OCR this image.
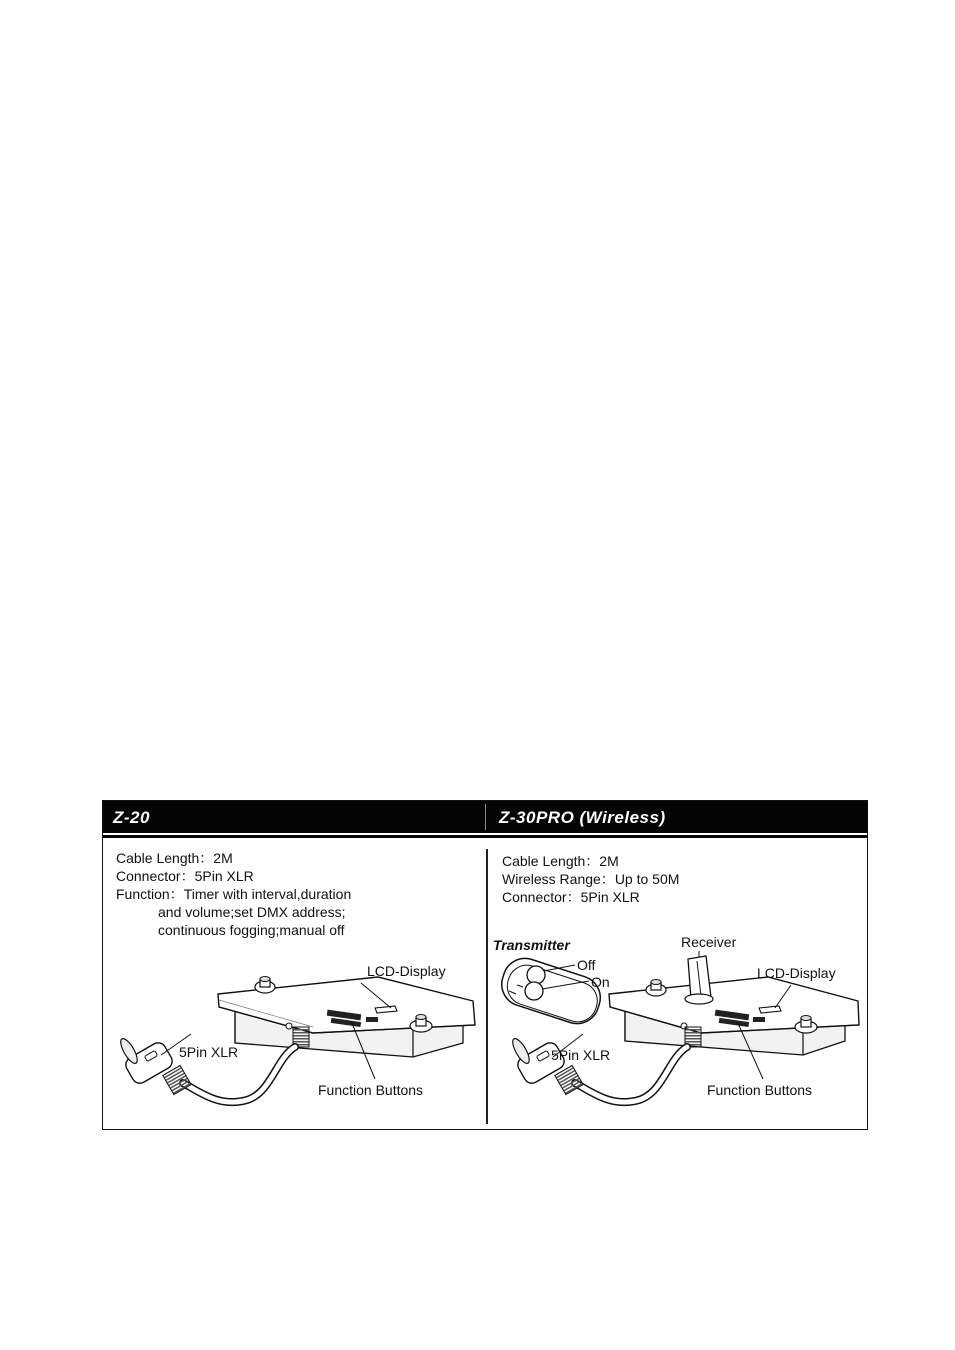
Z-20	Z-30PRO (Wireless)
Cable Length：2M
Connector：5Pin XLR
Function：Timer with interval,duration
and volume;set DMX address;
continuous fogging;manual off
Cable Length：2M
Wireless Range：Up to 50M
Connector：5Pin XLR
Transmitter
LCD-Display
5Pin XLR
Function Buttons
Off
On
Receiver
LCD-Display
5Pin XLR
Function Buttons
